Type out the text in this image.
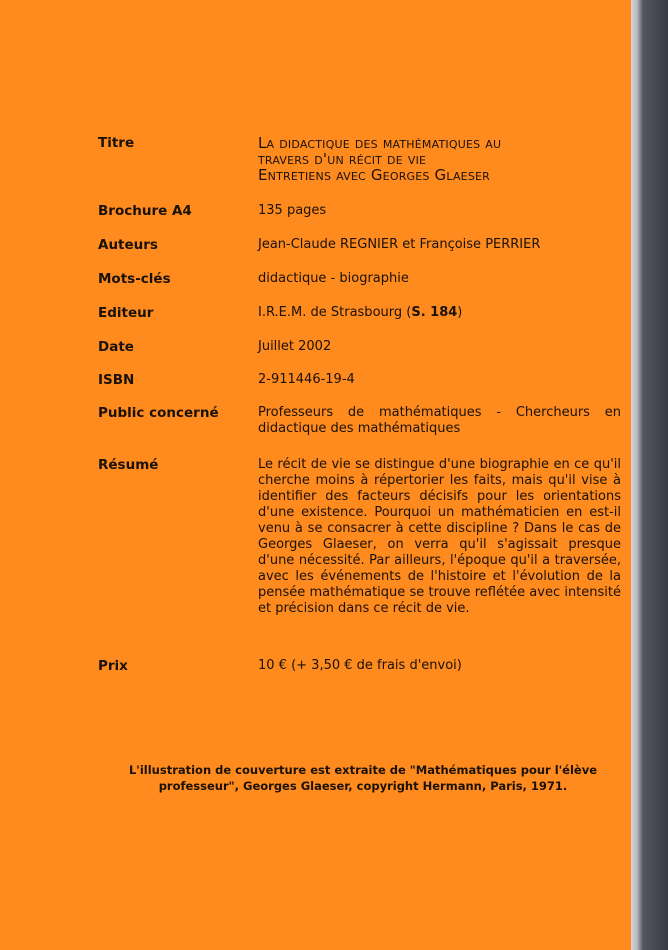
Titre	La didactique des mathématiques au
travers d'un récit de vie
Entretiens avec Georges Glaeser
Brochure A4	135 pages
Auteurs	Jean-Claude REGNIER et Françoise PERRIER
Mots-clés	didactique - biographie
Editeur	I.R.E.M. de Strasbourg (S. 184)
Date	Juillet 2002
ISBN	2-911446-19-4
Public concerné	Professeurs de mathématiques - Chercheurs en didactique des mathématiques
Résumé	Le récit de vie se distingue d'une biographie en ce qu'il cherche moins à répertorier les faits, mais qu'il vise à identifier des facteurs décisifs pour les orientations d'une existence. Pourquoi un mathématicien en est-il venu à se consacrer à cette discipline ? Dans le cas de Georges Glaeser, on verra qu'il s'agissait presque d'une nécessité. Par ailleurs, l'époque qu'il a traversée, avec les événements de l'histoire et l'évolution de la pensée mathématique se trouve reflétée avec intensité et précision dans ce récit de vie.
Prix	10 € (+ 3,50 € de frais d'envoi)
L'illustration de couverture est extraite de "Mathématiques pour l'élève professeur", Georges Glaeser, copyright Hermann, Paris, 1971.
